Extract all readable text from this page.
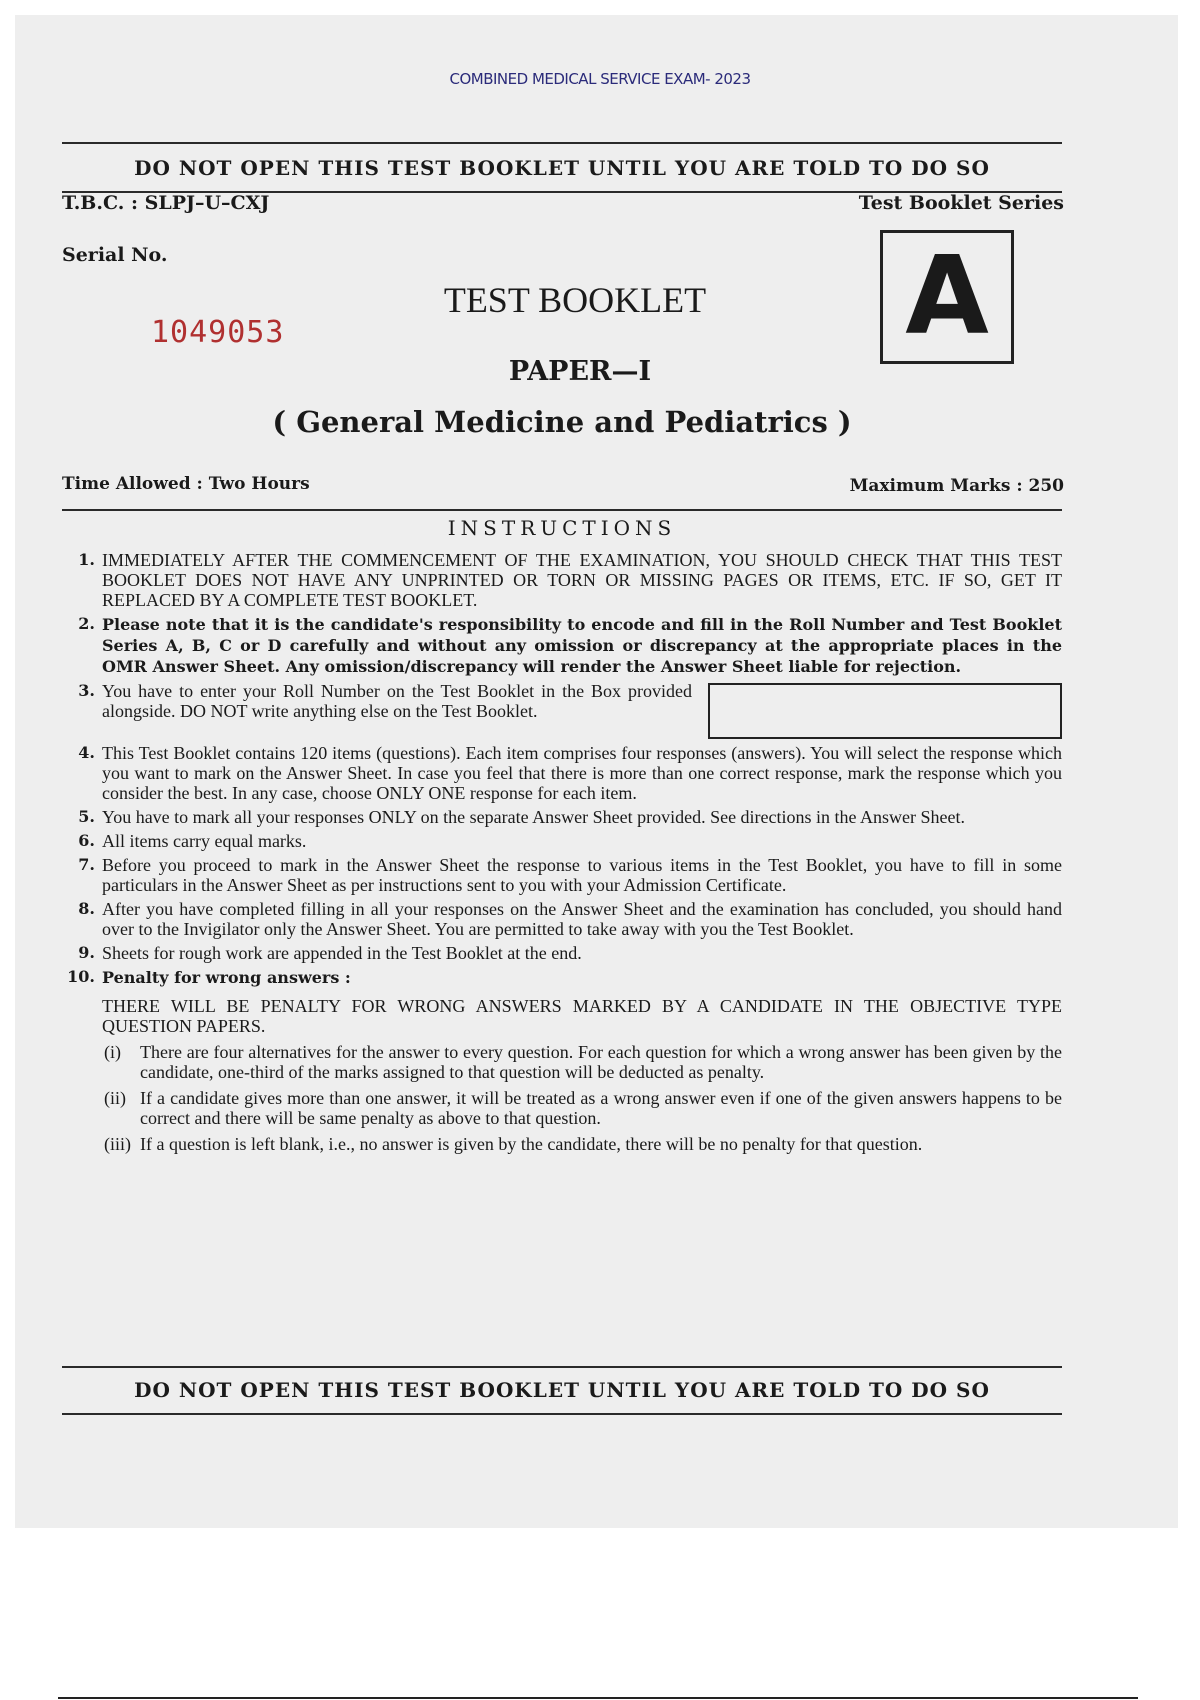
COMBINED MEDICAL SERVICE EXAM- 2023
DO NOT OPEN THIS TEST BOOKLET UNTIL YOU ARE TOLD TO DO SO
T.B.C. : SLPJ–U–CXJ	Test Booklet Series
Serial No.
1049053	A
TEST BOOKLET
PAPER—I
( General Medicine and Pediatrics )
Time Allowed : Two Hours	Maximum Marks : 250
INSTRUCTIONS
1. IMMEDIATELY AFTER THE COMMENCEMENT OF THE EXAMINATION, YOU SHOULD CHECK THAT THIS TEST BOOKLET DOES NOT HAVE ANY UNPRINTED OR TORN OR MISSING PAGES OR ITEMS, ETC. IF SO, GET IT REPLACED BY A COMPLETE TEST BOOKLET.
2. Please note that it is the candidate's responsibility to encode and fill in the Roll Number and Test Booklet Series A, B, C or D carefully and without any omission or discrepancy at the appropriate places in the OMR Answer Sheet. Any omission/discrepancy will render the Answer Sheet liable for rejection.
3. You have to enter your Roll Number on the Test Booklet in the Box provided alongside. DO NOT write anything else on the Test Booklet.
4. This Test Booklet contains 120 items (questions). Each item comprises four responses (answers). You will select the response which you want to mark on the Answer Sheet. In case you feel that there is more than one correct response, mark the response which you consider the best. In any case, choose ONLY ONE response for each item.
5. You have to mark all your responses ONLY on the separate Answer Sheet provided. See directions in the Answer Sheet.
6. All items carry equal marks.
7. Before you proceed to mark in the Answer Sheet the response to various items in the Test Booklet, you have to fill in some particulars in the Answer Sheet as per instructions sent to you with your Admission Certificate.
8. After you have completed filling in all your responses on the Answer Sheet and the examination has concluded, you should hand over to the Invigilator only the Answer Sheet. You are permitted to take away with you the Test Booklet.
9. Sheets for rough work are appended in the Test Booklet at the end.
10. Penalty for wrong answers :
THERE WILL BE PENALTY FOR WRONG ANSWERS MARKED BY A CANDIDATE IN THE OBJECTIVE TYPE QUESTION PAPERS.
(i)	There are four alternatives for the answer to every question. For each question for which a wrong answer has been given by the candidate, one-third of the marks assigned to that question will be deducted as penalty.
(ii) If a candidate gives more than one answer, it will be treated as a wrong answer even if one of the given answers happens to be correct and there will be same penalty as above to that question.
(iii) If a question is left blank, i.e., no answer is given by the candidate, there will be no penalty for that question.
DO NOT OPEN THIS TEST BOOKLET UNTIL YOU ARE TOLD TO DO SO
